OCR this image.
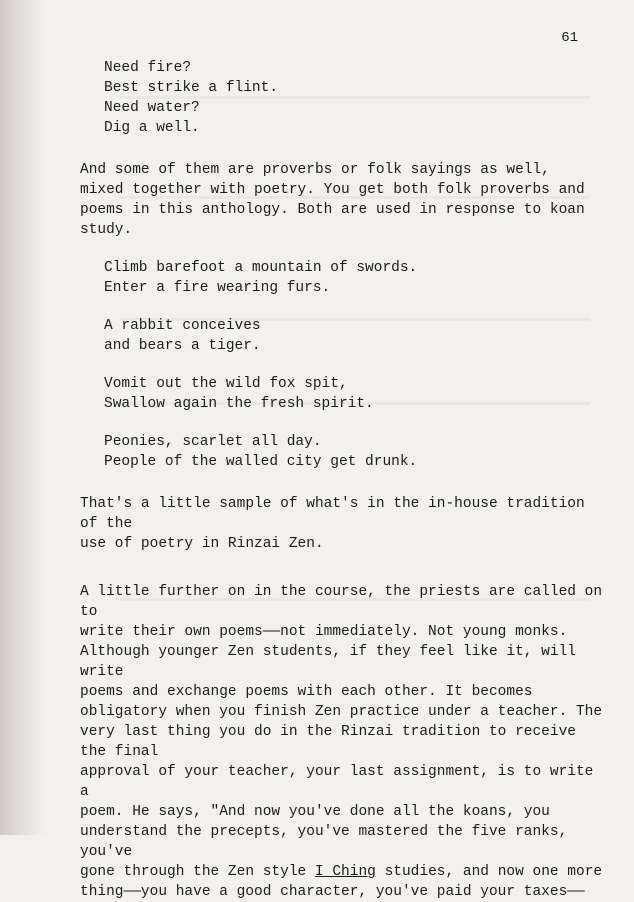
61

Need fire?
Best strike a flint.
Need water?
Dig a well.

And some of them are proverbs or folk sayings as well,
mixed together with poetry. You get both folk proverbs and
poems in this anthology. Both are used in response to koan
study.

Climb barefoot a mountain of swords.
Enter a fire wearing furs.

A rabbit conceives
and bears a tiger.

Vomit out the wild fox spit,
Swallow again the fresh spirit.

Peonies, scarlet all day.
People of the walled city get drunk.

That's a little sample of what's in the in-house tradition of the
use of poetry in Rinzai Zen.

A little further on in the course, the priests are called on to
write their own poems——not immediately. Not young monks.
Although younger Zen students, if they feel like it, will write
poems and exchange poems with each other. It becomes
obligatory when you finish Zen practice under a teacher. The
very last thing you do in the Rinzai tradition to receive the final
approval of your teacher, your last assignment, is to write a
poem. He says, "And now you've done all the koans, you
understand the precepts, you've mastered the five ranks, you've
gone through the Zen style I Ching studies, and now one more
thing——you have a good character, you've paid your taxes——
